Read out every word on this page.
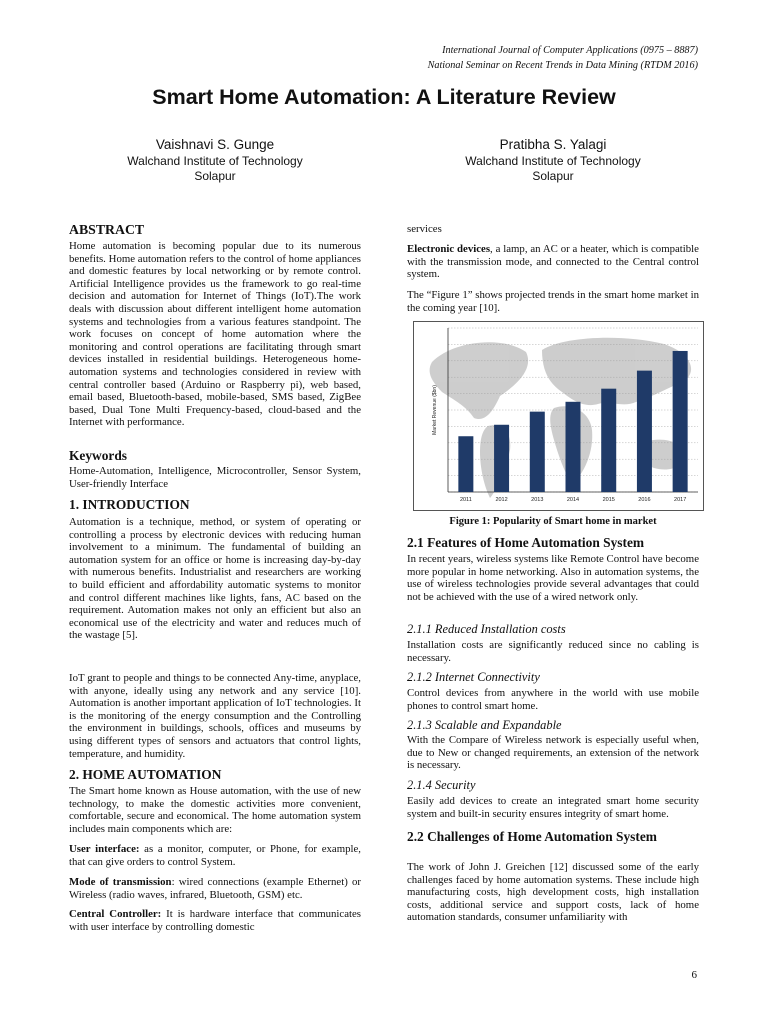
International Journal of Computer Applications (0975 – 8887)
National Seminar on Recent Trends in Data Mining (RTDM 2016)
Smart Home Automation: A Literature Review
Vaishnavi S. Gunge
Walchand Institute of Technology
Solapur
Pratibha S. Yalagi
Walchand Institute of Technology
Solapur
ABSTRACT

Home automation is becoming popular due to its numerous benefits. Home automation refers to the control of home appliances and domestic features by local networking or by remote control. Artificial Intelligence provides us the framework to go real-time decision and automation for Internet of Things (IoT).The work deals with discussion about different intelligent home automation systems and technologies from a various features standpoint. The work focuses on concept of home automation where the monitoring and control operations are facilitating through smart devices installed in residential buildings. Heterogeneous home-automation systems and technologies considered in review with central controller based (Arduino or Raspberry pi), web based, email based, Bluetooth-based, mobile-based, SMS based, ZigBee based, Dual Tone Multi Frequency-based, cloud-based and the Internet with performance.

Keywords

Home-Automation, Intelligence, Microcontroller, Sensor System, User-friendly Interface

1. INTRODUCTION

Automation is a technique, method, or system of operating or controlling a process by electronic devices with reducing human involvement to a minimum. The fundamental of building an automation system for an office or home is increasing day-by-day with numerous benefits. Industrialist and researchers are working to build efficient and affordability automatic systems to monitor and control different machines like lights, fans, AC based on the requirement. Automation makes not only an efficient but also an economical use of the electricity and water and reduces much of the wastage [5].

IoT grant to people and things to be connected Any-time, anyplace, with anyone, ideally using any network and any service [10]. Automation is another important application of IoT technologies. It is the monitoring of the energy consumption and the Controlling the environment in buildings, schools, offices and museums by using different types of sensors and actuators that control lights, temperature, and humidity.

2. HOME AUTOMATION

The Smart home known as House automation, with the use of new technology, to make the domestic activities more convenient, comfortable, secure and economical. The home automation system includes main components which are:

User interface: as a monitor, computer, or Phone, for example, that can give orders to control System.

Mode of transmission: wired connections (example Ethernet) or Wireless (radio waves, infrared, Bluetooth, GSM) etc.

Central Controller: It is hardware interface that communicates with user interface by controlling domestic

services

Electronic devices, a lamp, an AC or a heater, which is compatible with the transmission mode, and connected to the Central control system.

The “Figure 1” shows projected trends in the smart home market in the coming year [10].

2.1 Features of Home Automation System

In recent years, wireless systems like Remote Control have become more popular in home networking. Also in automation systems, the use of wireless technologies provide several advantages that could not be achieved with the use of a wired network only.

2.1.1 Reduced Installation costs

Installation costs are significantly reduced since no cabling is necessary.

2.1.2 Internet Connectivity

Control devices from anywhere in the world with use mobile phones to control smart home.

2.1.3 Scalable and Expandable

With the Compare of Wireless network is especially useful when, due to New or changed requirements, an extension of the network is necessary.

2.1.4 Security

Easily add devices to create an integrated smart home security system and built-in security ensures integrity of smart home.

2.2 Challenges of Home Automation System

The work of John J. Greichen [12] discussed some of the early challenges faced by home automation systems. These include high manufacturing costs, high development costs, high installation costs, additional service and support costs, lack of home automation standards, consumer unfamiliarity with

2011	2012	2013	2014	2015	2016	2017
Market Revenue ($bn)
Figure 1: Popularity of Smart home in market
6
